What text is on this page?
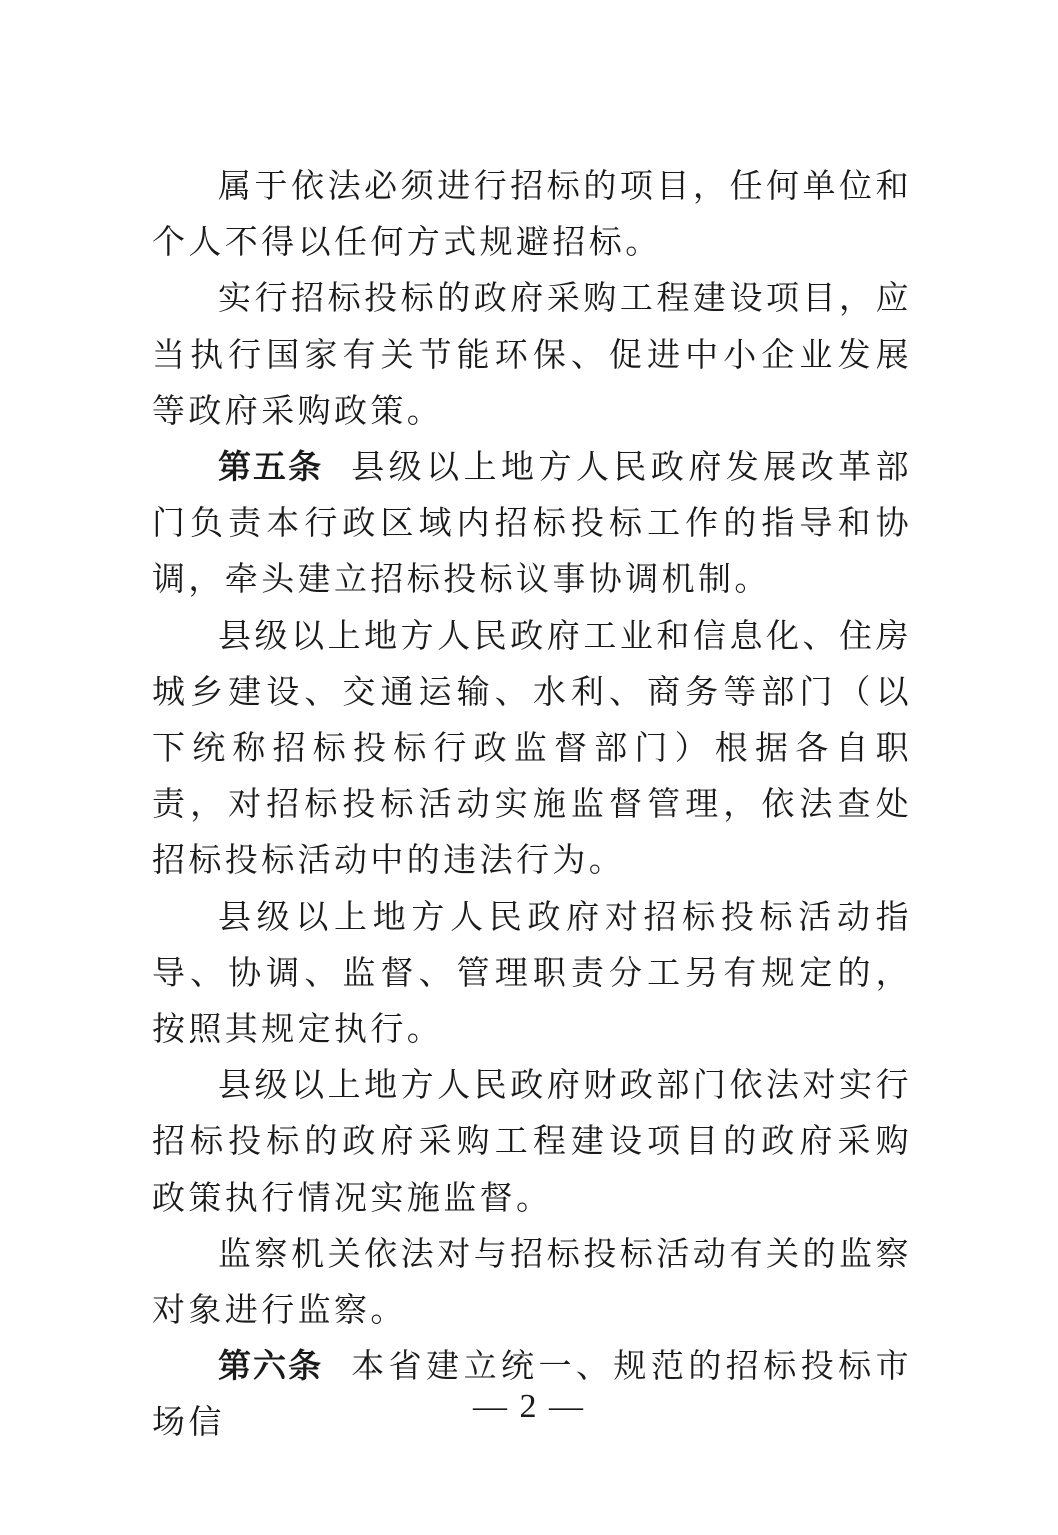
属于依法必须进行招标的项目，任何单位和个人不得以任何方式规避招标。

实行招标投标的政府采购工程建设项目，应当执行国家有关节能环保、促进中小企业发展等政府采购政策。

第五条 县级以上地方人民政府发展改革部门负责本行政区域内招标投标工作的指导和协调，牵头建立招标投标议事协调机制。

县级以上地方人民政府工业和信息化、住房城乡建设、交通运输、水利、商务等部门（以下统称招标投标行政监督部门）根据各自职责，对招标投标活动实施监督管理，依法查处招标投标活动中的违法行为。

县级以上地方人民政府对招标投标活动指导、协调、监督、管理职责分工另有规定的，按照其规定执行。

县级以上地方人民政府财政部门依法对实行招标投标的政府采购工程建设项目的政府采购政策执行情况实施监督。

监察机关依法对与招标投标活动有关的监察对象进行监察。

第六条 本省建立统一、规范的招标投标市场信	— 2 —
